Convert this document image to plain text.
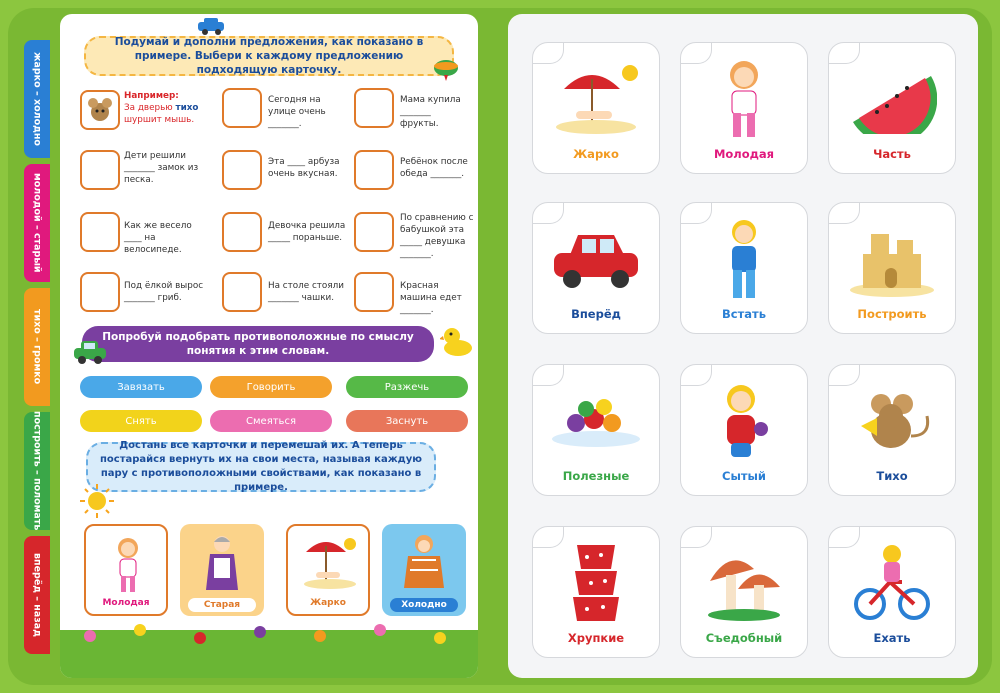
жарко – холодно
молодой – старый
тихо – громко
построить – поломать
вперёд – назад
Подумай и дополни предложения, как показано в примере. Выбери к каждому предложению подходящую карточку.
Например:
За дверью тихо
шуршит мышь.
Сегодня на улице очень _______.
Мама купила _______ фрукты.
Дети решили _______ замок из песка.
Эта ____ арбуза очень вкусная.
Ребёнок после обеда _______.
Как же весело ____ на велосипеде.
Девочка решила _____ пораньше.
По сравнению с бабушкой эта _____ девушка _______.
Под ёлкой вырос _______ гриб.
На столе стояли _______ чашки.
Красная машина едет _______.
Попробуй подобрать противоположные по смыслу понятия к этим словам.
Завязать	Говорить	Разжечь
Снять	Смеяться	Заснуть
Достань все карточки и перемешай их. А теперь постарайся вернуть их на свои места, называя каждую пару с противоположными свойствами, как показано в примере.
Молодая	Старая	Жарко	Холодно
Жарко	Молодая	Часть
Вперёд	Встать	Построить
Полезные	Сытый	Тихо
Хрупкие	Съедобный	Ехать
